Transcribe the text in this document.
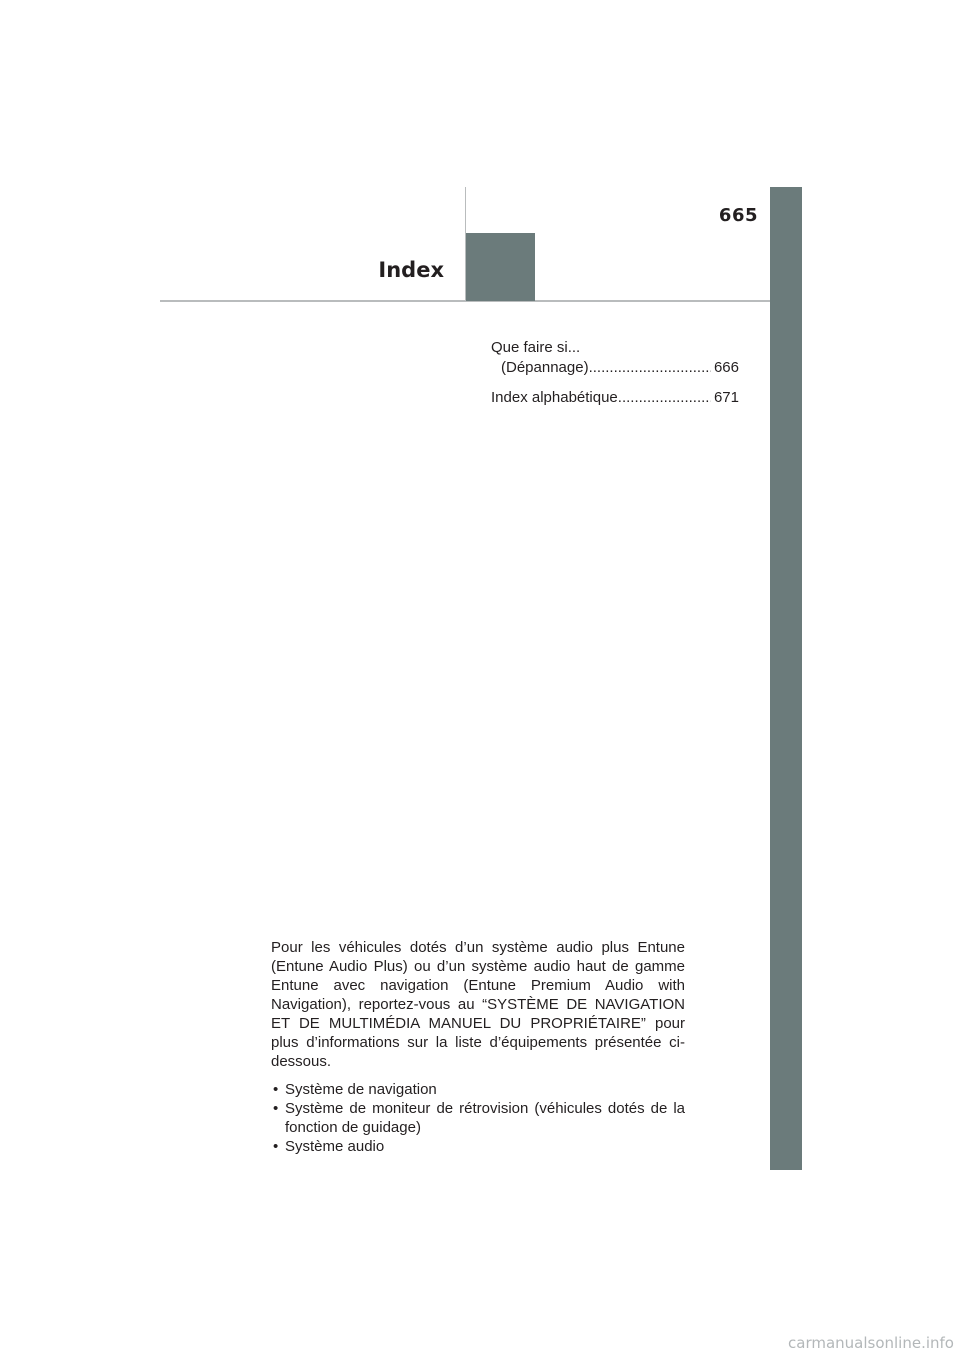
665
Index
Que faire si...
(Dépannage) .....	666
Index alphabétique .....	671

Pour les véhicules dotés d’un système audio plus Entune (Entune Audio Plus) ou d’un système audio haut de gamme Entune avec navigation (Entune Premium Audio with Navigation), reportez-vous au “SYSTÈME DE NAVIGATION ET DE MULTIMÉDIA MANUEL DU PROPRIÉTAIRE” pour plus d’informations sur la liste d’équipements présentée ci-dessous.

• Système de navigation
• Système de moniteur de rétrovision (véhicules dotés de la fonction de guidage)
• Système audio
carmanualsonline.info
